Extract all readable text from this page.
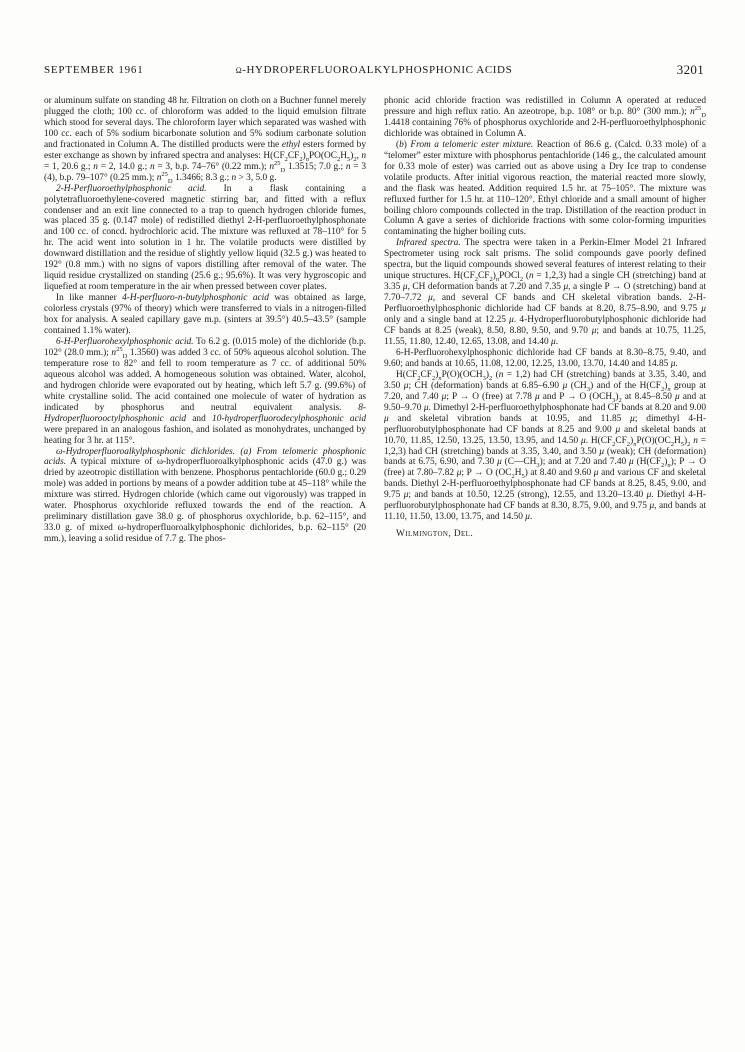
SEPTEMBER 1961	ω-HYDROPERFLUOROALKYLPHOSPHONIC ACIDS	3201

or aluminum sulfate on standing 48 hr. Filtration on cloth on a Buchner funnel merely plugged the cloth; 100 cc. of chloroform was added to the liquid emulsion filtrate which stood for several days. The chloroform layer which separated was washed with 100 cc. each of 5% sodium bicarbonate solution and 5% sodium carbonate solution and fractionated in Column A. The distilled products were the ethyl esters formed by ester exchange as shown by infrared spectra and analyses: $H(CF_2CF_2)_nPO(OC_2H_5)_2$, n = 1, 20.6 g.; n = 2, 14.0 g.; n = 3, b.p. 74–76° (0.22 mm.); $n^{25}_D$ 1.3515; 7.0 g.; n = 3 (4), b.p. 79–107° (0.25 mm.); $n^{25}_D$ 1.3466; 8.3 g.; n > 3, 5.0 g.

2-H-Perfluoroethylphosphonic acid. In a flask containing a polytetrafluoroethylene-covered magnetic stirring bar, and fitted with a reflux condenser and an exit line connected to a trap to quench hydrogen chloride fumes, was placed 35 g. (0.147 mole) of redistilled diethyl 2-H-perfluoroethylphosphonate and 100 cc. of concd. hydrochloric acid. The mixture was refluxed at 78–110° for 5 hr. The acid went into solution in 1 hr. The volatile products were distilled by downward distillation and the residue of slightly yellow liquid (32.5 g.) was heated to 192° (0.8 mm.) with no signs of vapors distilling after removal of the water. The liquid residue crystallized on standing (25.6 g.; 95.6%). It was very hygroscopic and liquefied at room temperature in the air when pressed between cover plates.

In like manner 4-H-perfluoro-n-butylphosphonic acid was obtained as large, colorless crystals (97% of theory) which were transferred to vials in a nitrogen-filled box for analysis. A sealed capillary gave m.p. (sinters at 39.5°) 40.5–43.5° (sample contained 1.1% water).

6-H-Perfluorohexylphosphonic acid. To 6.2 g. (0.015 mole) of the dichloride (b.p. 102° (28.0 mm.); $n^{25}_D$ 1.3560) was added 3 cc. of 50% aqueous alcohol solution. The temperature rose to 82° and fell to room temperature as 7 cc. of additional 50% aqueous alcohol was added. A homogeneous solution was obtained. Water, alcohol, and hydrogen chloride were evaporated out by heating, which left 5.7 g. (99.6%) of white crystalline solid. The acid contained one molecule of water of hydration as indicated by phosphorus and neutral equivalent analysis. 8-Hydroperfluorooctylphosphonic acid and 10-hydroperfluorodecylphosphonic acid were prepared in an analogous fashion, and isolated as monohydrates, unchanged by heating for 3 hr. at 115°.

ω-Hydroperfluoroalkylphosphonic dichlorides. (a) From telomeric phosphonic acids. A typical mixture of ω-hydroperfluoroalkylphosphonic acids (47.0 g.) was dried by azeotropic distillation with benzene. Phosphorus pentachloride (60.0 g.; 0.29 mole) was added in portions by means of a powder addition tube at 45–118° while the mixture was stirred. Hydrogen chloride (which came out vigorously) was trapped in water. Phosphorus oxychloride refluxed towards the end of the reaction. A preliminary distillation gave 38.0 g. of phosphorus oxychloride, b.p. 62–115°, and 33.0 g. of mixed ω-hydroperfluoroalkylphosphonic dichlorides, b.p. 62–115° (20 mm.), leaving a solid residue of 7.7 g. The phos-

phonic acid chloride fraction was redistilled in Column A operated at reduced pressure and high reflux ratio. An azeotrope, b.p. 108° or b.p. 80° (300 mm.); $n^{25}_D$ 1.4418 containing 76% of phosphorus oxychloride and 2-H-perfluoroethylphosphonic dichloride was obtained in Column A.

(b) From a telomeric ester mixture. Reaction of 86.6 g. (Calcd. 0.33 mole) of a “telomer” ester mixture with phosphorus pentachloride (146 g., the calculated amount for 0.33 mole of ester) was carried out as above using a Dry Ice trap to condense volatile products. After initial vigorous reaction, the material reacted more slowly, and the flask was heated. Addition required 1.5 hr. at 75–105°. The mixture was refluxed further for 1.5 hr. at 110–120°. Ethyl chloride and a small amount of higher boiling chloro compounds collected in the trap. Distillation of the reaction product in Column A gave a series of dichloride fractions with some color-forming impurities contaminating the higher boiling cuts.

Infrared spectra. The spectra were taken in a Perkin-Elmer Model 21 Infrared Spectrometer using rock salt prisms. The solid compounds gave poorly defined spectra, but the liquid compounds showed several features of interest relating to their unique structures. $H(CF_2CF_2)_nPOCl_2$ (n = 1,2,3) had a single CH (stretching) band at 3.35 μ, CH deformation bands at 7.20 and 7.35 μ, a single P → O (stretching) band at 7.70–7.72 μ, and several CF bands and CH skeletal vibration bands. 2-H-Perfluoroethylphosphonic dichloride had CF bands at 8.20, 8.75–8.90, and 9.75 μ only and a single band at 12.25 μ. 4-Hydroperfluorobutylphosphonic dichloride had CF bands at 8.25 (weak), 8.50, 8.80, 9.50, and 9.70 μ; and bands at 10.75, 11.25, 11.55, 11.80, 12.40, 12.65, 13.08, and 14.40 μ.

6-H-Perfluorohexylphosphonic dichloride had CF bands at 8.30–8.75, 9.40, and 9.60; and bands at 10.65, 11.08, 12.00, 12.25, 13.00, 13.70, 14.40 and 14.85 μ.

$H(CF_2CF_2)_nP(O)(OCH_3)_2$ (n = 1,2) had CH (stretching) bands at 3.35, 3.40, and 3.50 μ; CH (deformation) bands at 6.85–6.90 μ $(CH_3)$ and of the $H(CF_2)_n$ group at 7.20, and 7.40 μ; P → O (free) at 7.78 μ and P → O $(OCH_3)_2$ at 8.45–8.50 μ and at 9.50–9.70 μ. Dimethyl 2-H-perfluoroethylphosphonate had CF bands at 8.20 and 9.00 μ and skeletal vibration bands at 10.95, and 11.85 μ; dimethyl 4-H-perfluorobutylphosphonate had CF bands at 8.25 and 9.00 μ and skeletal bands at 10.70, 11.85, 12.50, 13.25, 13.50, 13.95, and 14.50 μ. $H(CF_2CF_2)_nP(O)(OC_2H_5)_2$ n = 1,2,3) had CH (stretching) bands at 3.35, 3.40, and 3.50 μ (weak); CH (deformation) bands at 6.75, 6.90, and 7.30 μ $(C—CH_3)$; and at 7.20 and 7.40 μ $(H(CF_2)_n)$; P → O (free) at 7.80–7.82 μ; P → O $(OC_2H_5)$ at 8.40 and 9.60 μ and various CF and skeletal bands. Diethyl 2-H-perfluoroethylphosphonate had CF bands at 8.25, 8.45, 9.00, and 9.75 μ; and bands at 10.50, 12.25 (strong), 12.55, and 13.20–13.40 μ. Diethyl 4-H-perfluorobutylphosphonate had CF bands at 8.30, 8.75, 9.00, and 9.75 μ, and bands at 11.10, 11.50, 13.00, 13.75, and 14.50 μ.

Wilmington, Del.
